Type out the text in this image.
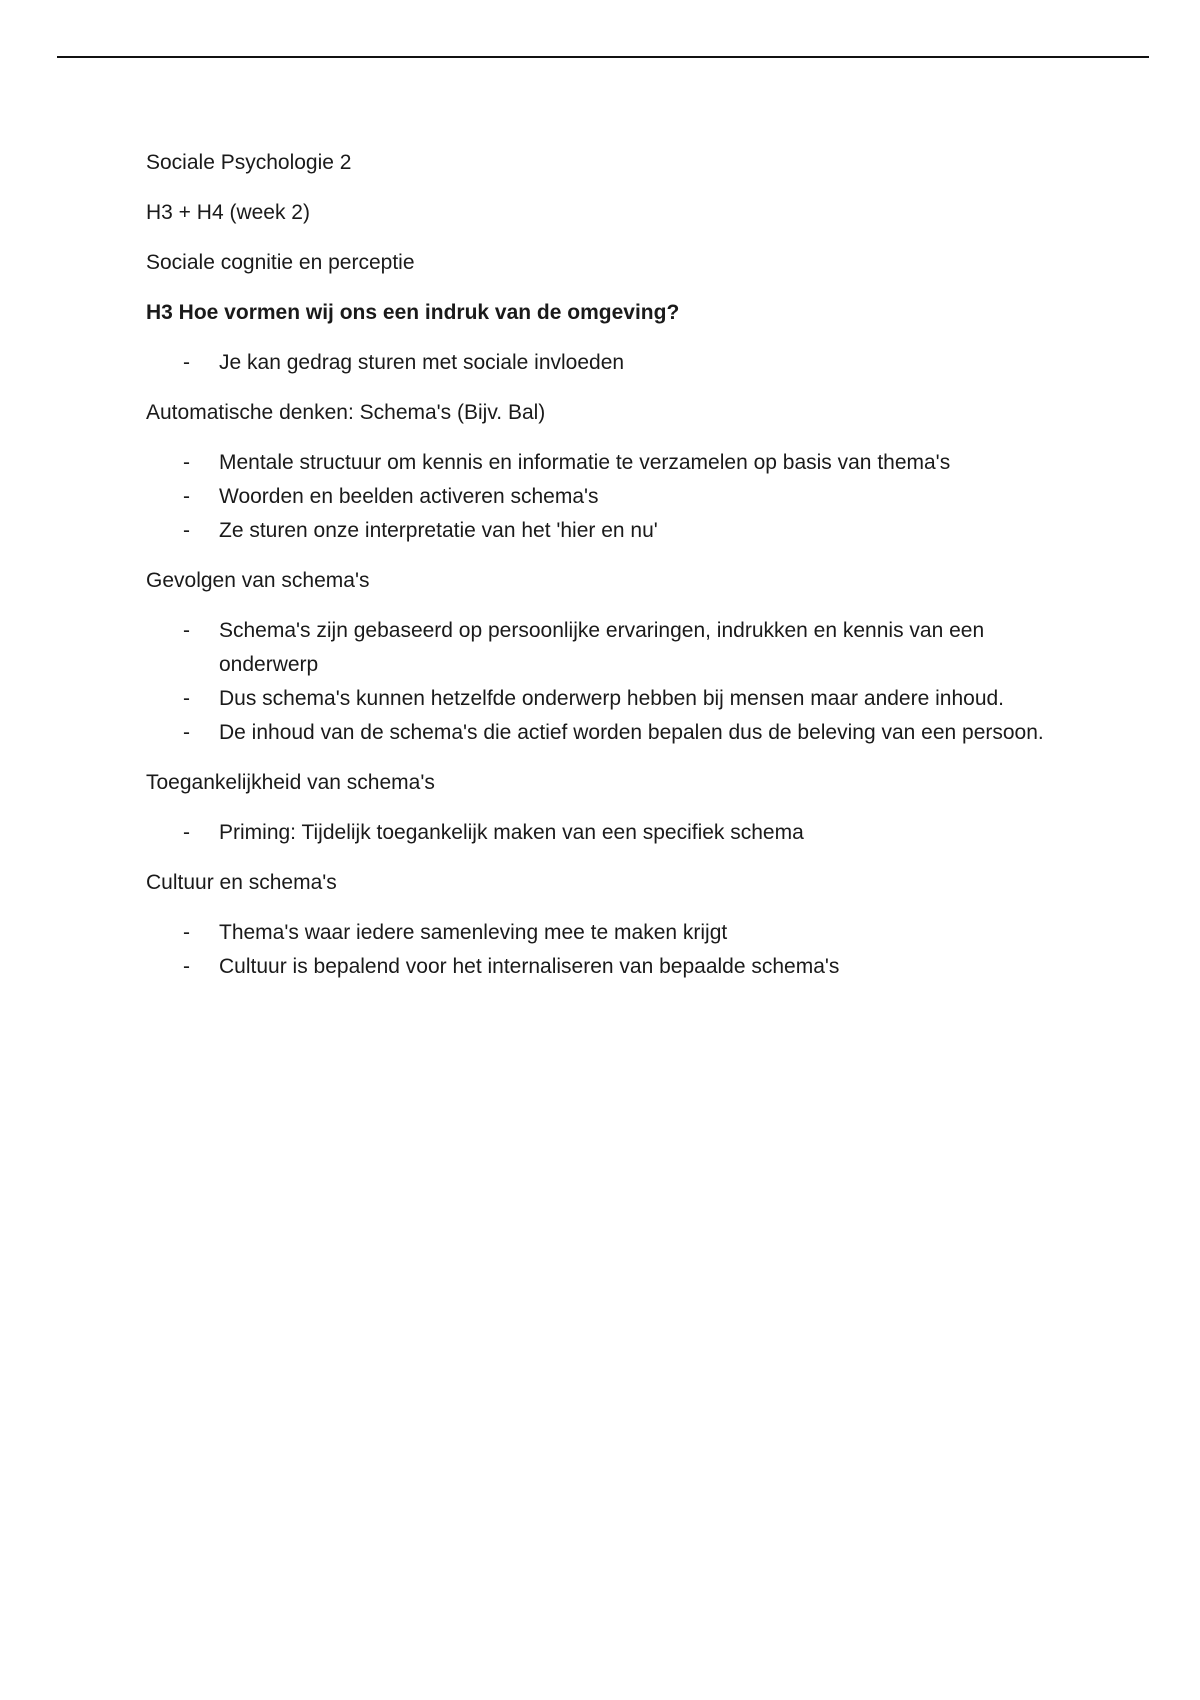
Sociale Psychologie 2

H3 + H4 (week 2)

Sociale cognitie en perceptie

H3 Hoe vormen wij ons een indruk van de omgeving?

- Je kan gedrag sturen met sociale invloeden

Automatische denken: Schema's (Bijv. Bal)

- Mentale structuur om kennis en informatie te verzamelen op basis van thema's
- Woorden en beelden activeren schema's
- Ze sturen onze interpretatie van het 'hier en nu'

Gevolgen van schema's

- Schema's zijn gebaseerd op persoonlijke ervaringen, indrukken en kennis van een onderwerp
- Dus schema's kunnen hetzelfde onderwerp hebben bij mensen maar andere inhoud.
- De inhoud van de schema's die actief worden bepalen dus de beleving van een persoon.

Toegankelijkheid van schema's

- Priming: Tijdelijk toegankelijk maken van een specifiek schema

Cultuur en schema's

- Thema's waar iedere samenleving mee te maken krijgt
- Cultuur is bepalend voor het internaliseren van bepaalde schema's
